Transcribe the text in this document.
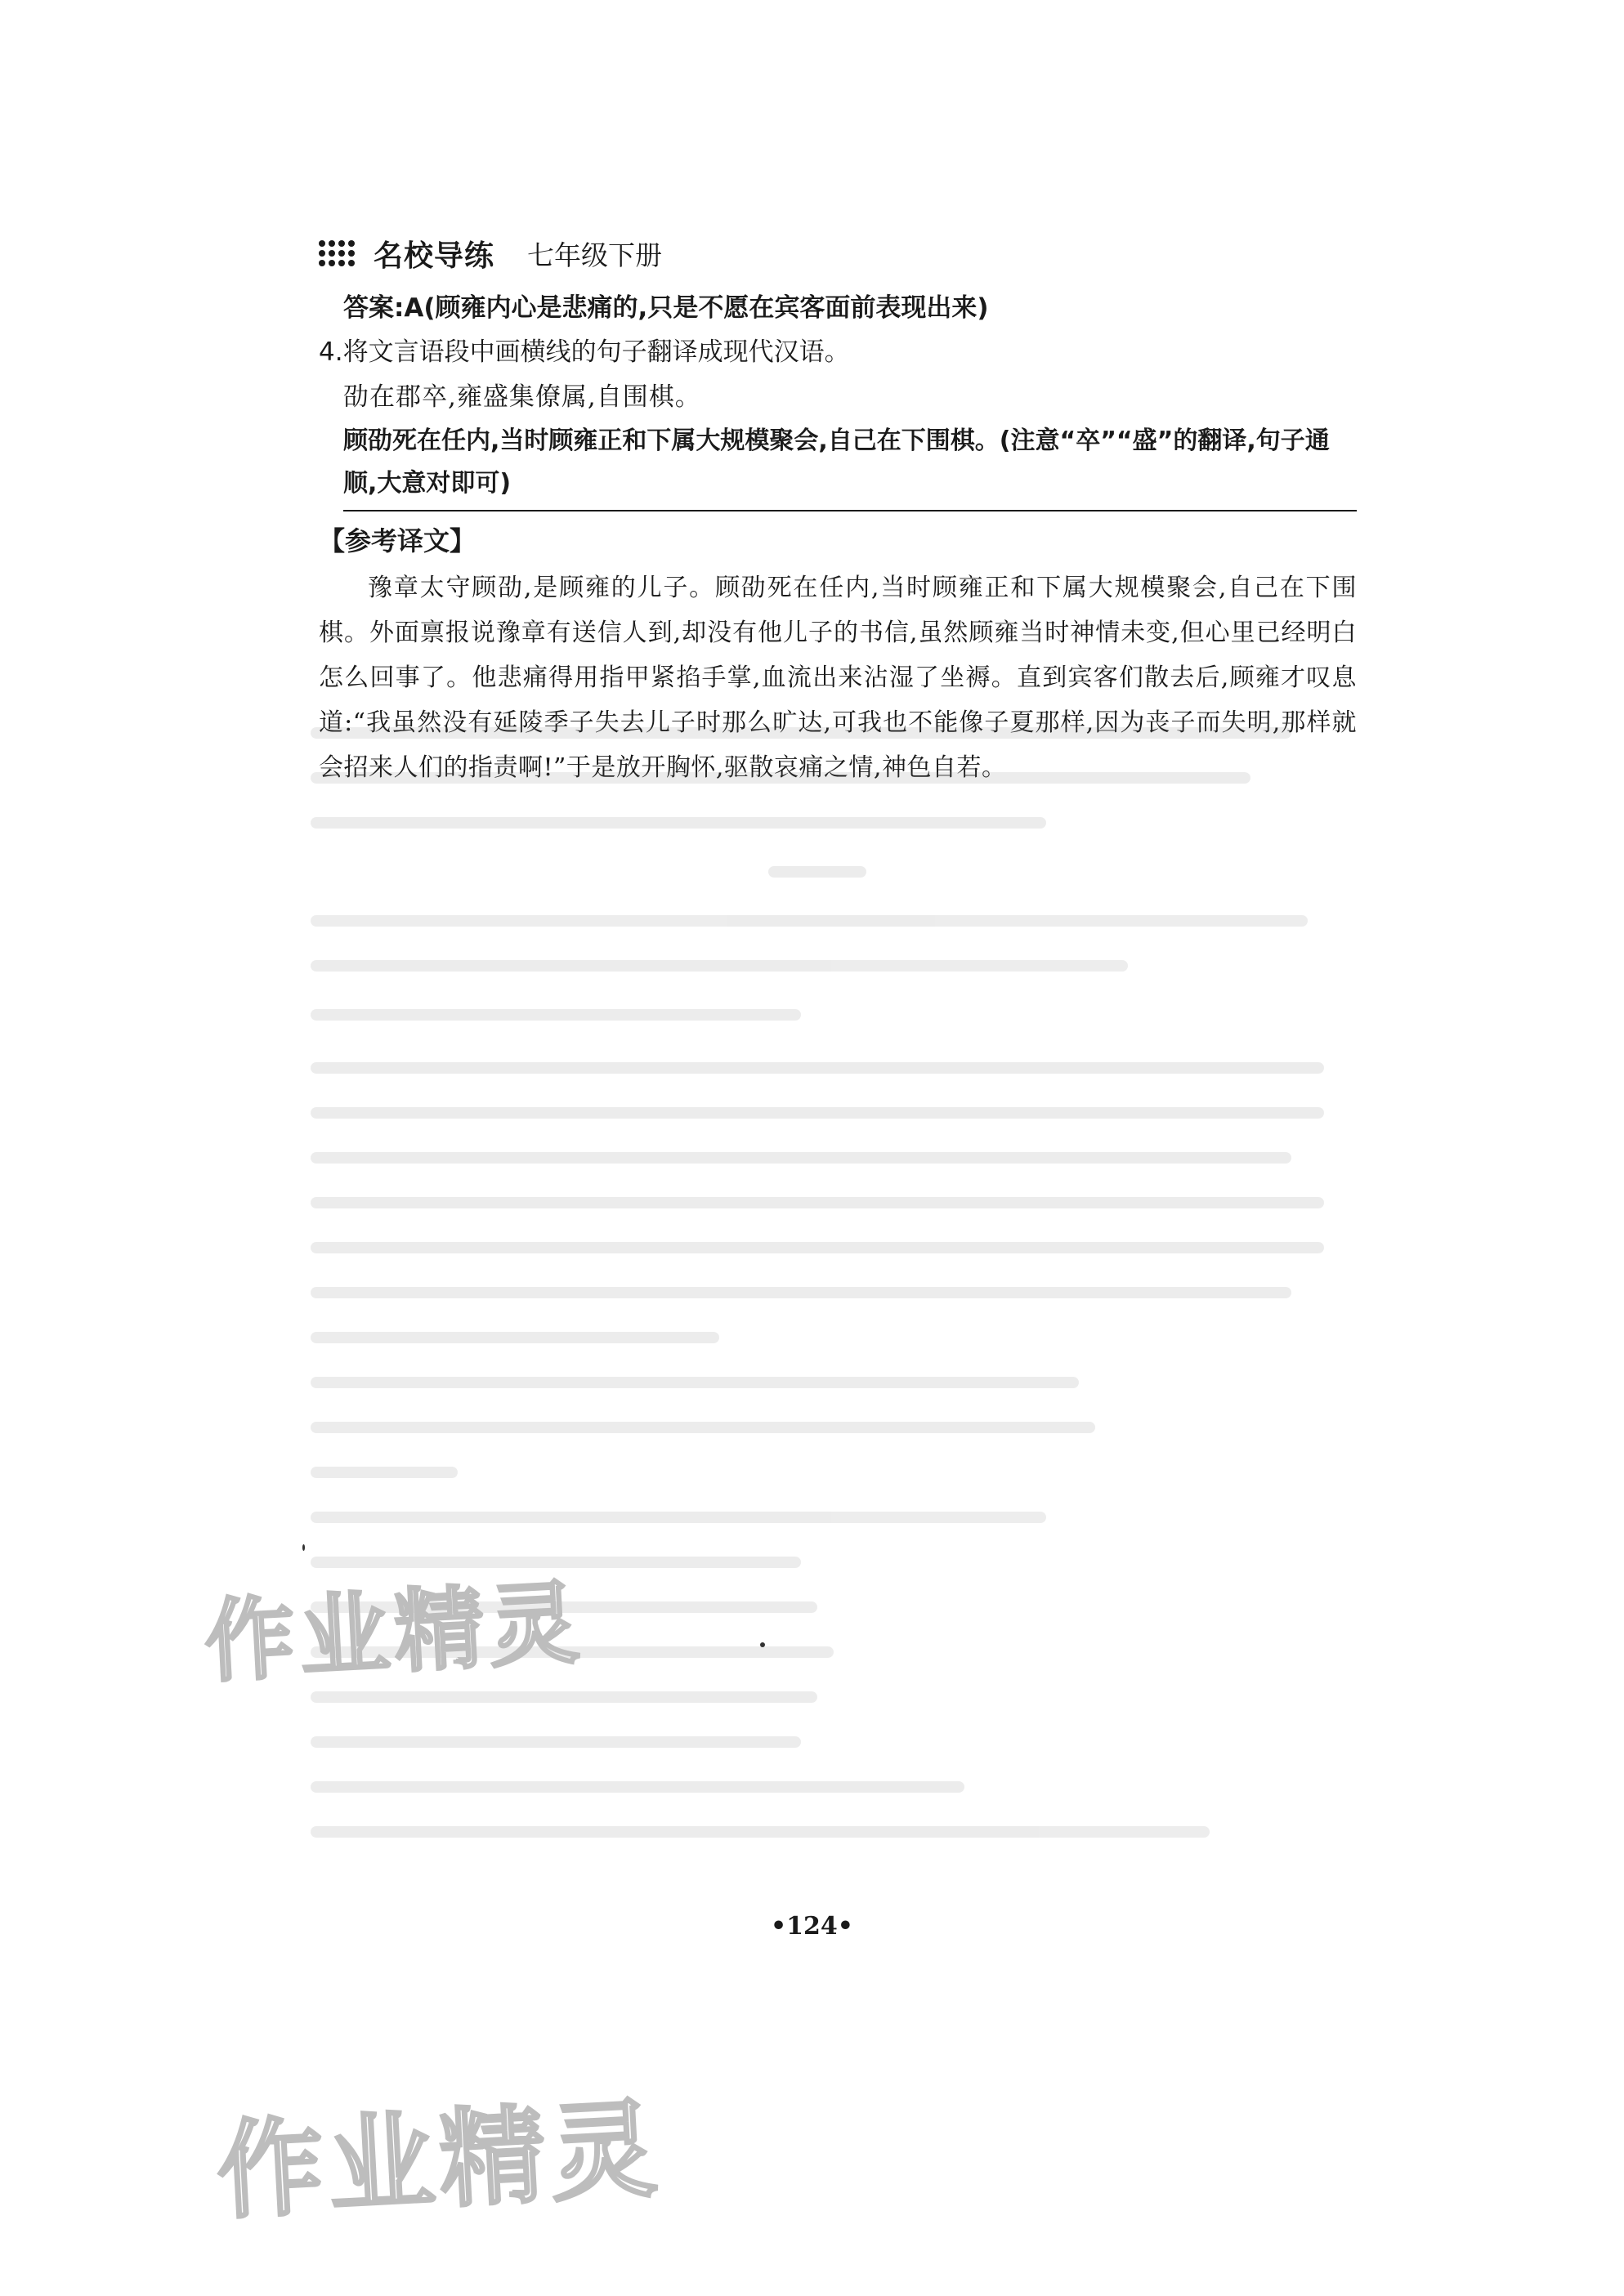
名校导练 七年级下册
答案:A(顾雍内心是悲痛的,只是不愿在宾客面前表现出来)
4.将文言语段中画横线的句子翻译成现代汉语。
劭在郡卒,雍盛集僚属,自围棋。
顾劭死在任内,当时顾雍正和下属大规模聚会,自己在下围棋。(注意“卒”“盛”的翻译,句子通顺,大意对即可)
【参考译文】
豫章太守顾劭,是顾雍的儿子。顾劭死在任内,当时顾雍正和下属大规模聚会,自己在下围棋。外面禀报说豫章有送信人到,却没有他儿子的书信,虽然顾雍当时神情未变,但心里已经明白怎么回事了。他悲痛得用指甲紧掐手掌,血流出来沾湿了坐褥。直到宾客们散去后,顾雍才叹息道:“我虽然没有延陵季子失去儿子时那么旷达,可我也不能像子夏那样,因为丧子而失明,那样就会招来人们的指责啊!”于是放开胸怀,驱散哀痛之情,神色自若。
•124•
作业精灵
作业精灵
